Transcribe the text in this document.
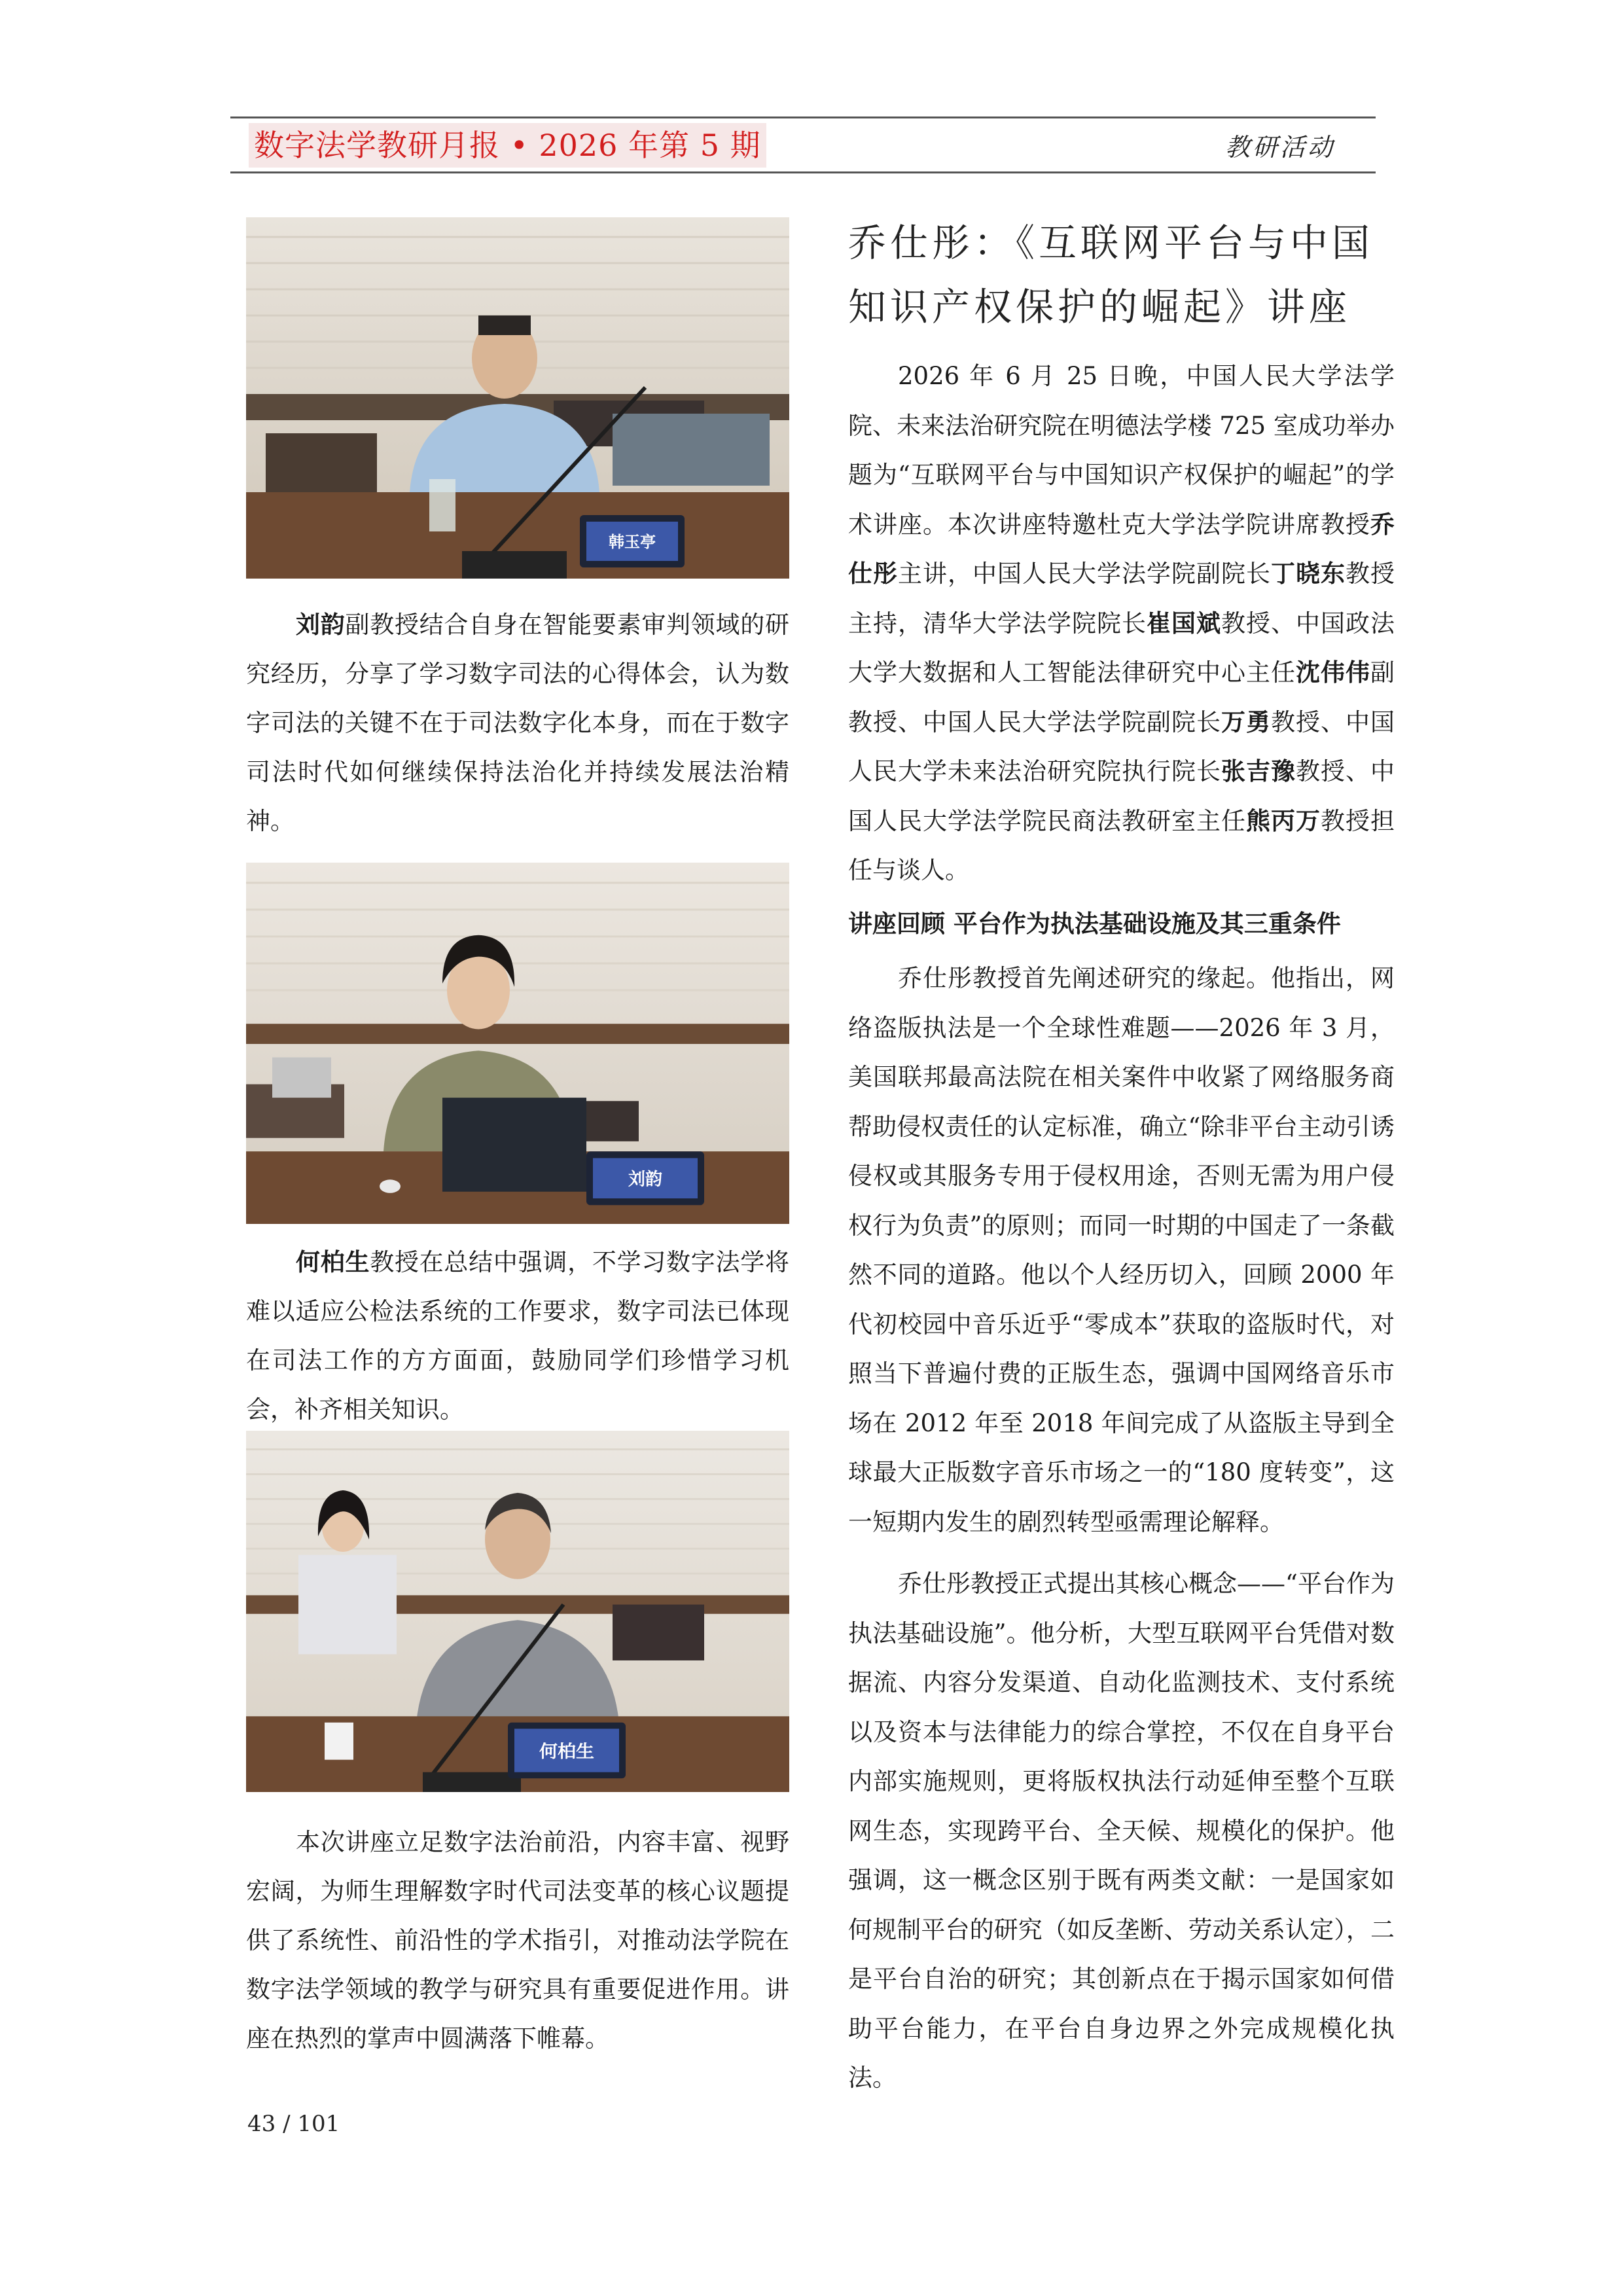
数字法学教研月报 • 2026 年第 5 期	教研活动
韩玉亭

刘韵副教授结合自身在智能要素审判领域的研究经历，分享了学习数字司法的心得体会，认为数字司法的关键不在于司法数字化本身，而在于数字司法时代如何继续保持法治化并持续发展法治精神。

刘韵

何柏生教授在总结中强调，不学习数字法学将难以适应公检法系统的工作要求，数字司法已体现在司法工作的方方面面，鼓励同学们珍惜学习机会，补齐相关知识。

何柏生

本次讲座立足数字法治前沿，内容丰富、视野宏阔，为师生理解数字时代司法变革的核心议题提供了系统性、前沿性的学术指引，对推动法学院在数字法学领域的教学与研究具有重要促进作用。讲座在热烈的掌声中圆满落下帷幕。

乔仕彤：《互联网平台与中国知识产权保护的崛起》讲座

2026 年 6 月 25 日晚，中国人民大学法学院、未来法治研究院在明德法学楼 725 室成功举办题为“互联网平台与中国知识产权保护的崛起”的学术讲座。本次讲座特邀杜克大学法学院讲席教授乔仕彤主讲，中国人民大学法学院副院长丁晓东教授主持，清华大学法学院院长崔国斌教授、中国政法大学大数据和人工智能法律研究中心主任沈伟伟副教授、中国人民大学法学院副院长万勇教授、中国人民大学未来法治研究院执行院长张吉豫教授、中国人民大学法学院民商法教研室主任熊丙万教授担任与谈人。

讲座回顾 平台作为执法基础设施及其三重条件

乔仕彤教授首先阐述研究的缘起。他指出，网络盗版执法是一个全球性难题——2026 年 3 月，美国联邦最高法院在相关案件中收紧了网络服务商帮助侵权责任的认定标准，确立“除非平台主动引诱侵权或其服务专用于侵权用途，否则无需为用户侵权行为负责”的原则；而同一时期的中国走了一条截然不同的道路。他以个人经历切入，回顾 2000 年代初校园中音乐近乎“零成本”获取的盗版时代，对照当下普遍付费的正版生态，强调中国网络音乐市场在 2012 年至 2018 年间完成了从盗版主导到全球最大正版数字音乐市场之一的“180 度转变”，这一短期内发生的剧烈转型亟需理论解释。

乔仕彤教授正式提出其核心概念——“平台作为执法基础设施”。他分析，大型互联网平台凭借对数据流、内容分发渠道、自动化监测技术、支付系统以及资本与法律能力的综合掌控，不仅在自身平台内部实施规则，更将版权执法行动延伸至整个互联网生态，实现跨平台、全天候、规模化的保护。他强调，这一概念区别于既有两类文献：一是国家如何规制平台的研究（如反垄断、劳动关系认定），二是平台自治的研究；其创新点在于揭示国家如何借助平台能力，在平台自身边界之外完成规模化执法。

43 / 101
